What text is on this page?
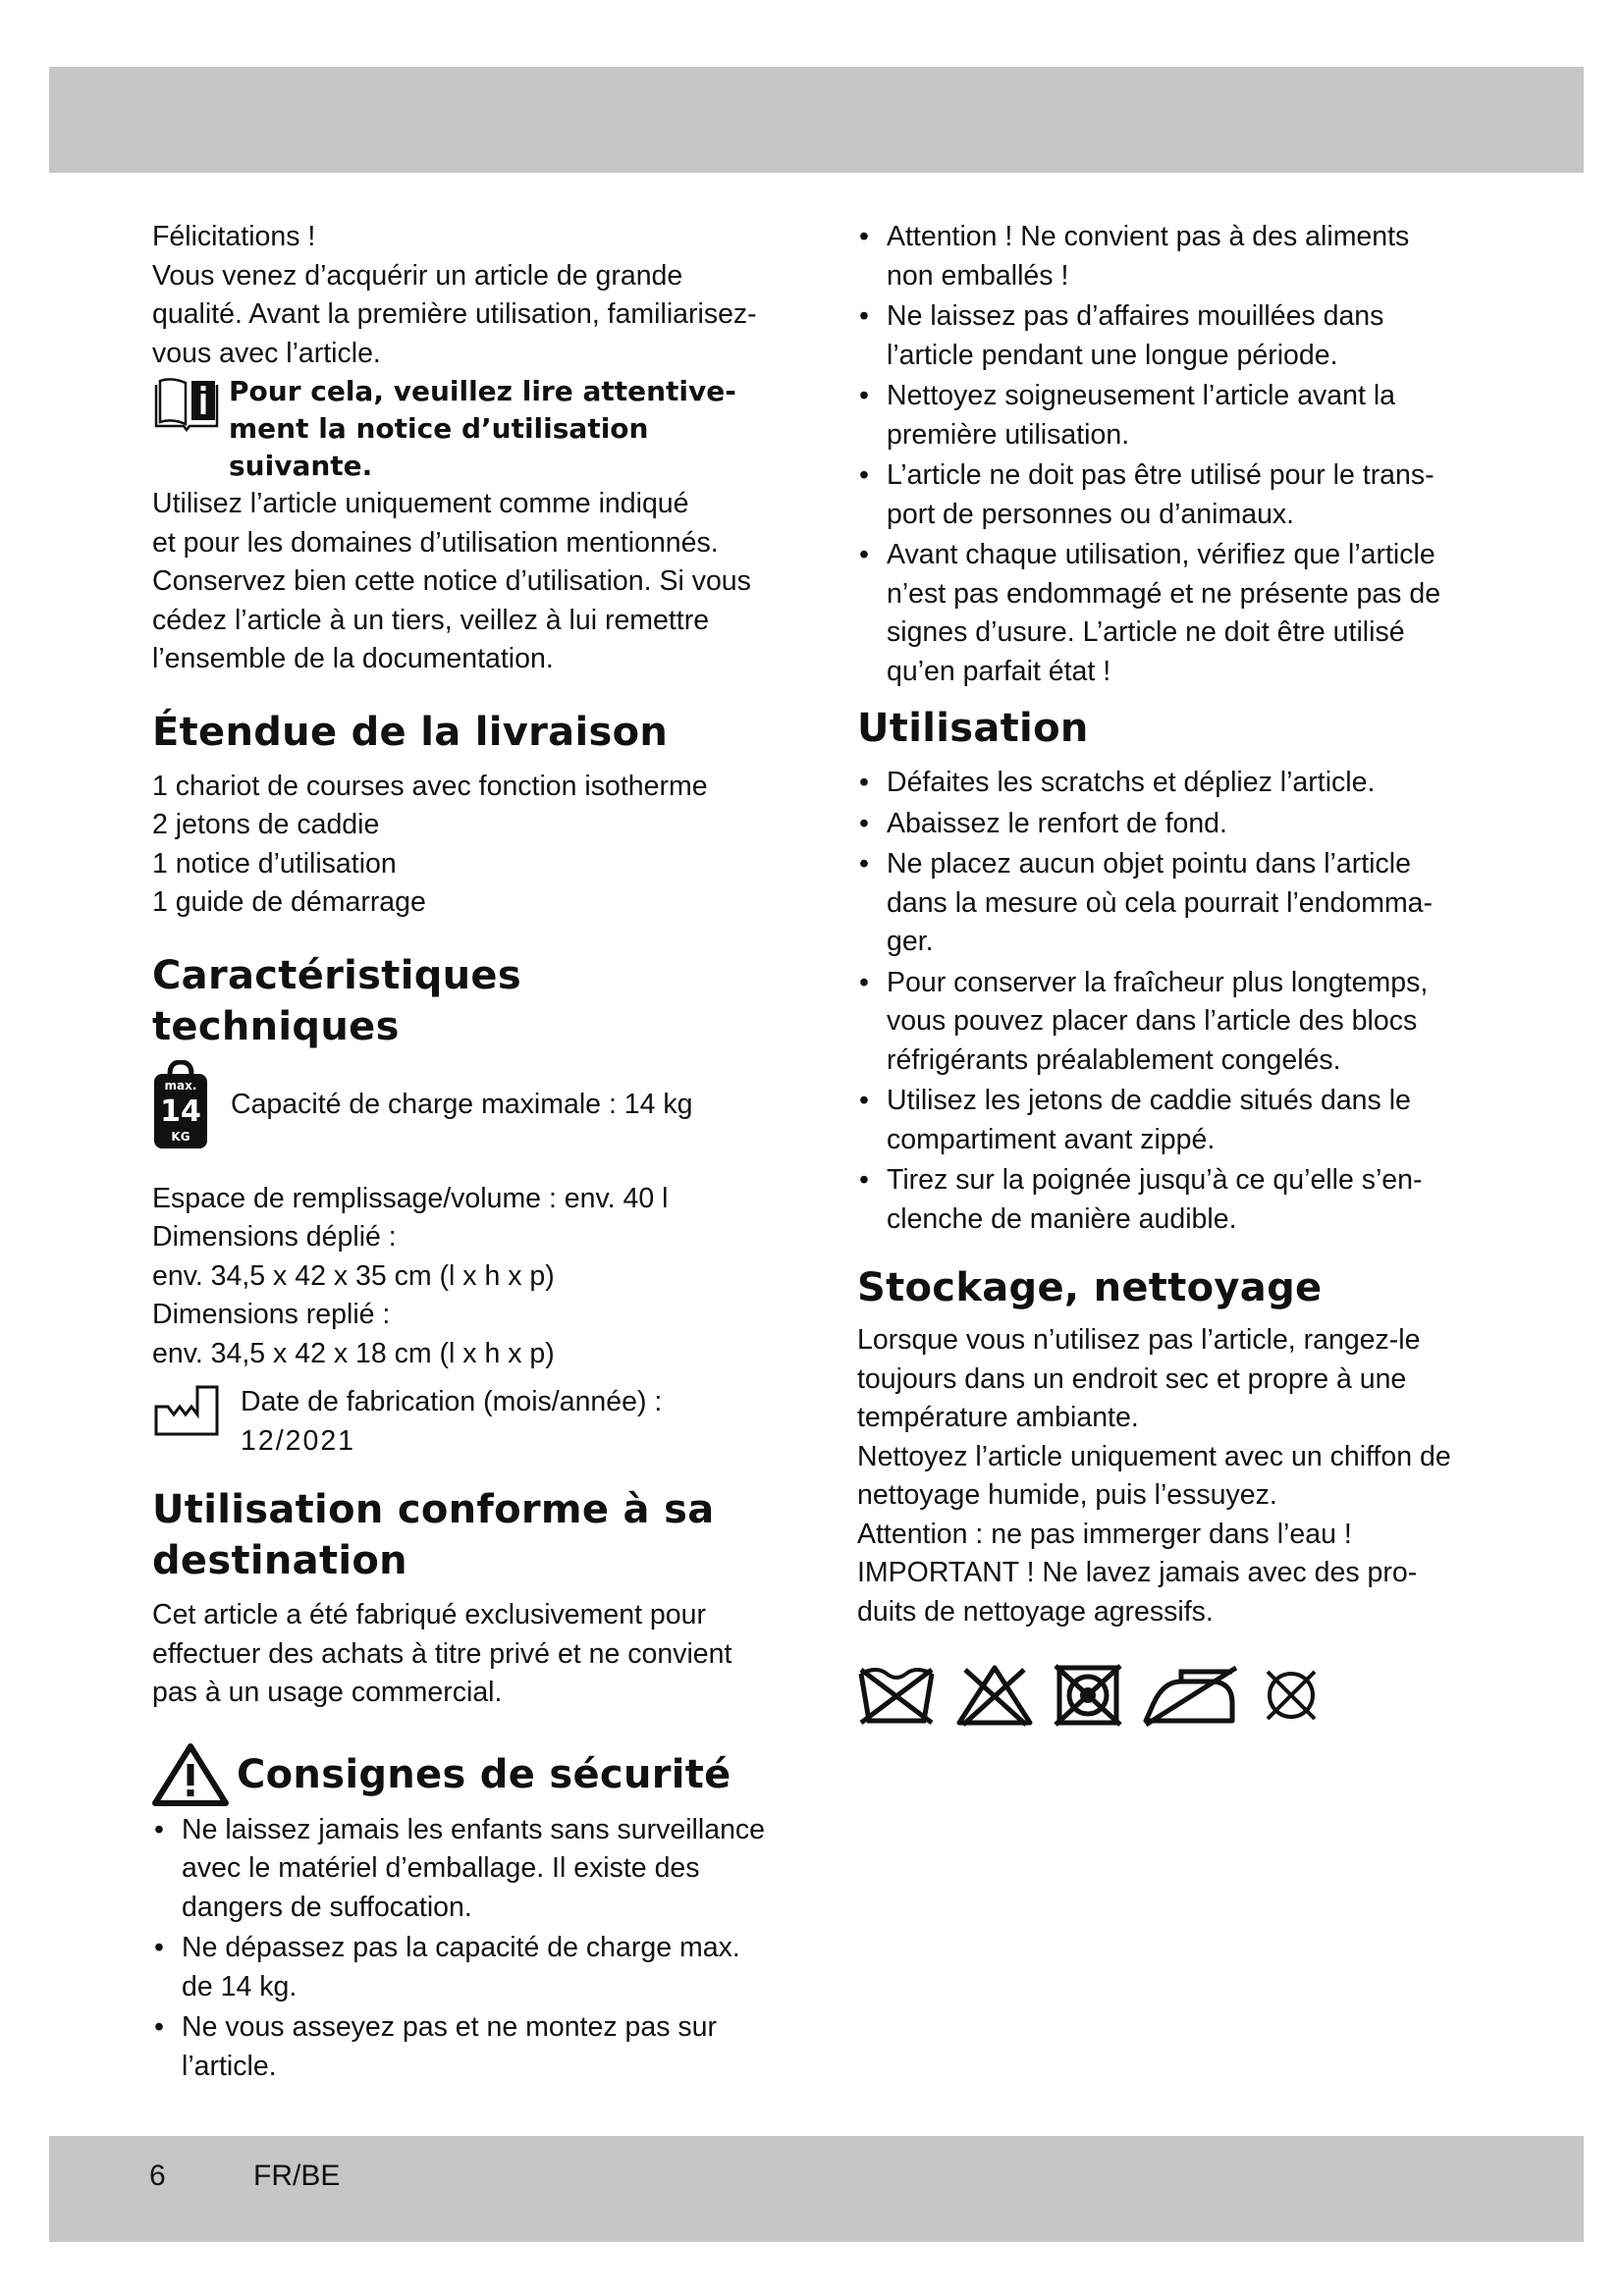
Félicitations !

Vous venez d’acquérir un article de grande

qualité. Avant la première utilisation, familiarisez-

vous avec l’article.

Pour cela, veuillez lire attentive-
ment la notice d’utilisation suivante.

Utilisez l’article uniquement comme indiqué

et pour les domaines d’utilisation mentionnés.

Conservez bien cette notice d’utilisation. Si vous

cédez l’article à un tiers, veillez à lui remettre

l’ensemble de la documentation.

Étendue de la livraison

1 chariot de courses avec fonction isotherme

2 jetons de caddie

1 notice d’utilisation

1 guide de démarrage

Caractéristiques techniques
max.
14
KG
Capacité de charge maximale : 14 kg

Espace de remplissage/volume : env. 40 l

Dimensions déplié :

env. 34,5 x 42 x 35 cm (l x h x p)

Dimensions replié :

env. 34,5 x 42 x 18 cm (l x h x p)

Date de fabrication (mois/année) :
12/2021
Utilisation conforme à sa
destination

Cet article a été fabriqué exclusivement pour

effectuer des achats à titre privé et ne convient

pas à un usage commercial.

Consignes de sécurité
• Ne laissez jamais les enfants sans surveillance
avec le matériel d’emballage. Il existe des
dangers de suffocation.
• Ne dépassez pas la capacité de charge max.
de 14 kg.
• Ne vous asseyez pas et ne montez pas sur
l’article.
• Attention ! Ne convient pas à des aliments
non emballés !
• Ne laissez pas d’affaires mouillées dans
l’article pendant une longue période.
• Nettoyez soigneusement l’article avant la
première utilisation.
• L’article ne doit pas être utilisé pour le trans-
port de personnes ou d’animaux.
• Avant chaque utilisation, vérifiez que l’article
n’est pas endommagé et ne présente pas de
signes d’usure. L’article ne doit être utilisé
qu’en parfait état !
Utilisation
• Défaites les scratchs et dépliez l’article.
• Abaissez le renfort de fond.
• Ne placez aucun objet pointu dans l’article
dans la mesure où cela pourrait l’endomma-
ger.
• Pour conserver la fraîcheur plus longtemps,
vous pouvez placer dans l’article des blocs
réfrigérants préalablement congelés.
• Utilisez les jetons de caddie situés dans le
compartiment avant zippé.
• Tirez sur la poignée jusqu’à ce qu’elle s’en-
clenche de manière audible.
Stockage, nettoyage

Lorsque vous n’utilisez pas l’article, rangez-le

toujours dans un endroit sec et propre à une

température ambiante.

Nettoyez l’article uniquement avec un chiffon de

nettoyage humide, puis l’essuyez.

Attention : ne pas immerger dans l’eau !

IMPORTANT ! Ne lavez jamais avec des pro-

duits de nettoyage agressifs.

6	FR/BE
